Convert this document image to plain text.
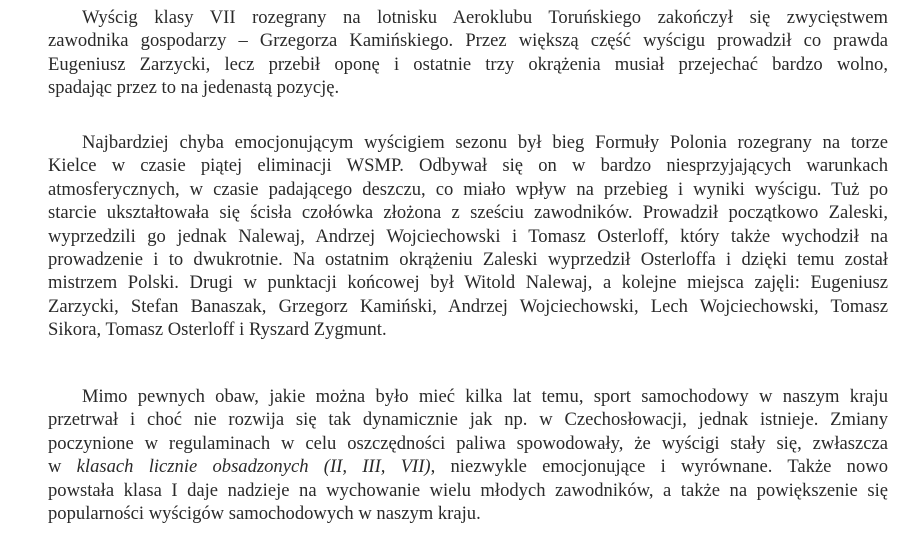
Wyścig klasy VII rozegrany na lotnisku Aeroklubu Toruńskiego zakończył się zwycięstwem
zawodnika gospodarzy – Grzegorza Kamińskiego. Przez większą część wyścigu prowadził co prawda
Eugeniusz Zarzycki, lecz przebił oponę i ostatnie trzy okrążenia musiał przejechać bardzo wolno,
spadając przez to na jedenastą pozycję.
Najbardziej chyba emocjonującym wyścigiem sezonu był bieg Formuły Polonia rozegrany na torze
Kielce w czasie piątej eliminacji WSMP. Odbywał się on w bardzo niesprzyjających warunkach
atmosferycznych, w czasie padającego deszczu, co miało wpływ na przebieg i wyniki wyścigu. Tuż po
starcie ukształtowała się ścisła czołówka złożona z sześciu zawodników. Prowadził początkowo Zaleski,
wyprzedzili go jednak Nalewaj, Andrzej Wojciechowski i Tomasz Osterloff, który także wychodził na
prowadzenie i to dwukrotnie. Na ostatnim okrążeniu Zaleski wyprzedził Osterloffa i dzięki temu został
mistrzem Polski. Drugi w punktacji końcowej był Witold Nalewaj, a kolejne miejsca zajęli: Eugeniusz
Zarzycki, Stefan Banaszak, Grzegorz Kamiński, Andrzej Wojciechowski, Lech Wojciechowski, Tomasz
Sikora, Tomasz Osterloff i Ryszard Zygmunt.
Mimo pewnych obaw, jakie można było mieć kilka lat temu, sport samochodowy w naszym kraju
przetrwał i choć nie rozwija się tak dynamicznie jak np. w Czechosłowacji, jednak istnieje. Zmiany
poczynione w regulaminach w celu oszczędności paliwa spowodowały, że wyścigi stały się, zwłaszcza
w klasach licznie obsadzonych (II, III, VII), niezwykle emocjonujące i wyrównane. Także nowo
powstała klasa I daje nadzieje na wychowanie wielu młodych zawodników, a także na powiększenie się
popularności wyścigów samochodowych w naszym kraju.
